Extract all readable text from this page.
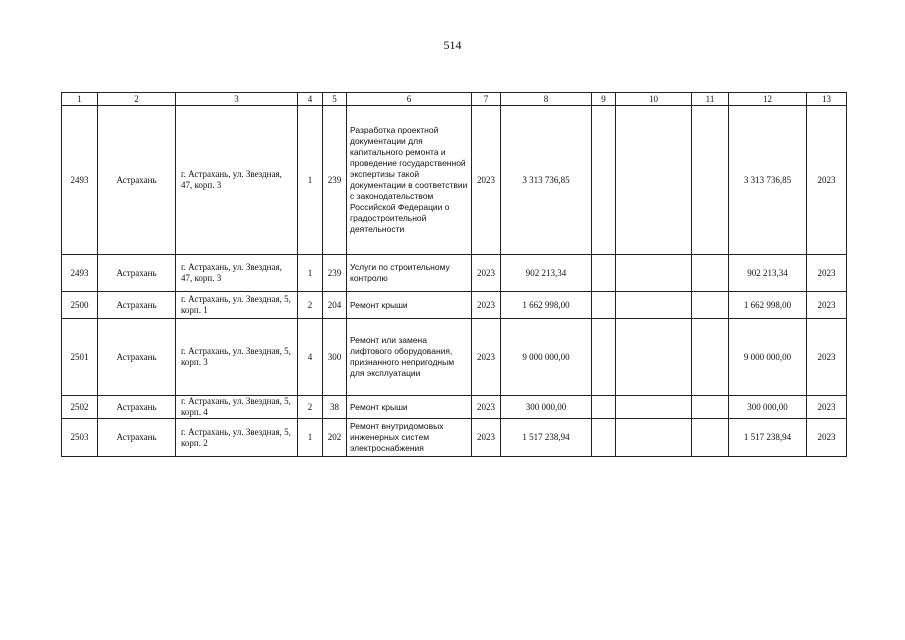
514
1	2	3	4	5	6	7	8	9	10	11	12	13
2493	Астрахань	г. Астрахань, ул. Звездная, 47, корп. 3	1	239	Разработка проектной документации для капитального ремонта и проведение государственной экспертизы такой документации в соответствии с законодательством Российской Федерации о градостроительной деятельности	2023	3 313 736,85				3 313 736,85	2023
2493	Астрахань	г. Астрахань, ул. Звездная, 47, корп. 3	1	239	Услуги по строительному контролю	2023	902 213,34				902 213,34	2023
2500	Астрахань	г. Астрахань, ул. Звездная, 5, корп. 1	2	204	Ремонт крыши	2023	1 662 998,00				1 662 998,00	2023
2501	Астрахань	г. Астрахань, ул. Звездная, 5, корп. 3	4	300	Ремонт или замена лифтового оборудования, признанного непригодным для эксплуатации	2023	9 000 000,00				9 000 000,00	2023
2502	Астрахань	г. Астрахань, ул. Звездная, 5, корп. 4	2	38	Ремонт крыши	2023	300 000,00				300 000,00	2023
2503	Астрахань	г. Астрахань, ул. Звездная, 5, корп. 2	1	202	Ремонт внутридомовых инженерных систем электроснабжения	2023	1 517 238,94				1 517 238,94	2023
